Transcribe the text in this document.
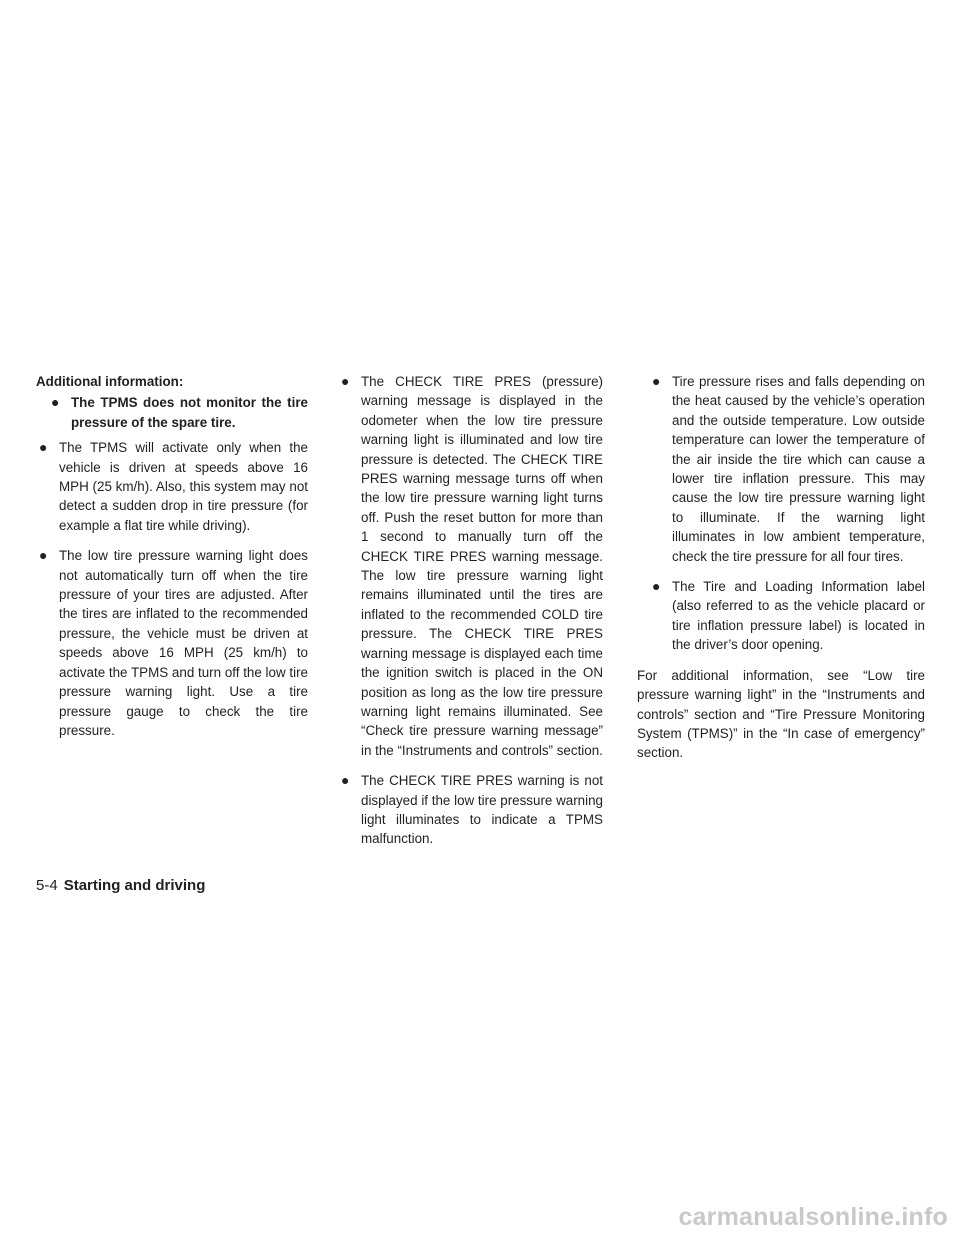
Additional information:
● The TPMS does not monitor the tire pressure of the spare tire.
● The TPMS will activate only when the vehicle is driven at speeds above 16 MPH (25 km/h). Also, this system may not detect a sudden drop in tire pressure (for example a flat tire while driving).
● The low tire pressure warning light does not automatically turn off when the tire pressure of your tires are adjusted. After the tires are inflated to the recommended pressure, the vehicle must be driven at speeds above 16 MPH (25 km/h) to activate the TPMS and turn off the low tire pressure warning light. Use a tire pressure gauge to check the tire pressure.
● The CHECK TIRE PRES (pressure) warning message is displayed in the odometer when the low tire pressure warning light is illuminated and low tire pressure is detected. The CHECK TIRE PRES warning message turns off when the low tire pressure warning light turns off. Push the reset button for more than 1 second to manually turn off the CHECK TIRE PRES warning message. The low tire pressure warning light remains illuminated until the tires are inflated to the recommended COLD tire pressure. The CHECK TIRE PRES warning message is displayed each time the ignition switch is placed in the ON position as long as the low tire pressure warning light remains illuminated. See “Check tire pressure warning message” in the “Instruments and controls” section.
● The CHECK TIRE PRES warning is not displayed if the low tire pressure warning light illuminates to indicate a TPMS malfunction.
● Tire pressure rises and falls depending on the heat caused by the vehicle’s operation and the outside temperature. Low outside temperature can lower the temperature of the air inside the tire which can cause a lower tire inflation pressure. This may cause the low tire pressure warning light to illuminate. If the warning light illuminates in low ambient temperature, check the tire pressure for all four tires.
● The Tire and Loading Information label (also referred to as the vehicle placard or tire inflation pressure label) is located in the driver’s door opening.

For additional information, see “Low tire pressure warning light” in the “Instruments and controls” section and “Tire Pressure Monitoring System (TPMS)” in the “In case of emergency” section.

5-4 Starting and driving
carmanualsonline.info
